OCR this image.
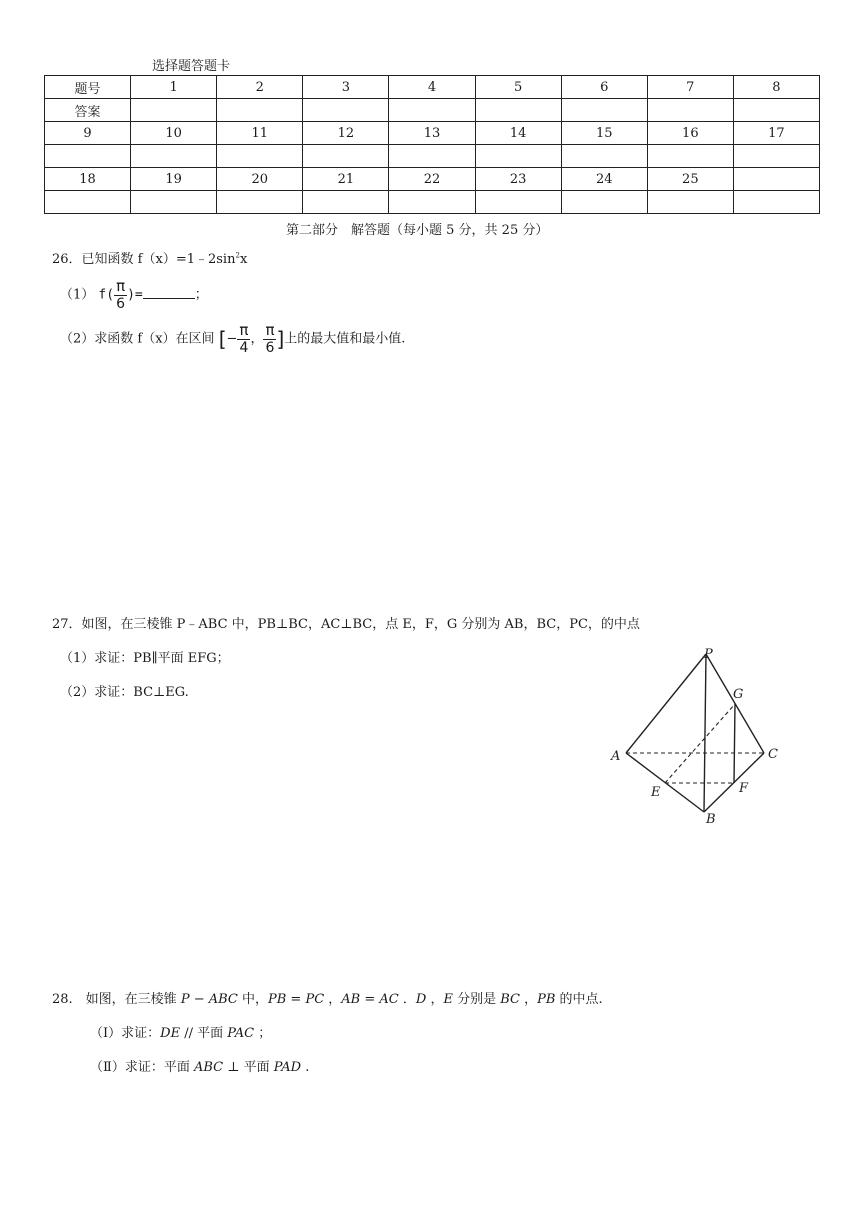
选择题答题卡
题号	1	2	3	4	5	6	7	8
答案								
9	10	11	12	13	14	15	16	17

18	19	20	21	22	23	24	25	

第二部分　解答题（每小题 5 分，共 25 分）
26．已知函数 $f(x)=1﹣2\sin^2x$
（1） $f( \frac{\pi}{6}$ )=	；
（2）求函数 f（x）在区间 [− $\frac{\pi}{4}$ ， $\frac{\pi}{6}$ ]上的最大值和最小值.
27．如图，在三棱锥 P﹣ABC 中，PB⊥BC，AC⊥BC，点 E，F，G 分别为 AB，BC，PC，的中点
（1）求证：PB∥平面 EFG；
（2）求证：BC⊥EG.
P
G
A	C
E	F
B
28.　如图，在三棱锥 P − ABC 中，PB = PC ，AB = AC ．D ，E 分别是 BC ，PB 的中点.
（Ⅰ）求证：DE // 平面 PAC ；
（Ⅱ）求证：平面 ABC ⊥ 平面 PAD .
